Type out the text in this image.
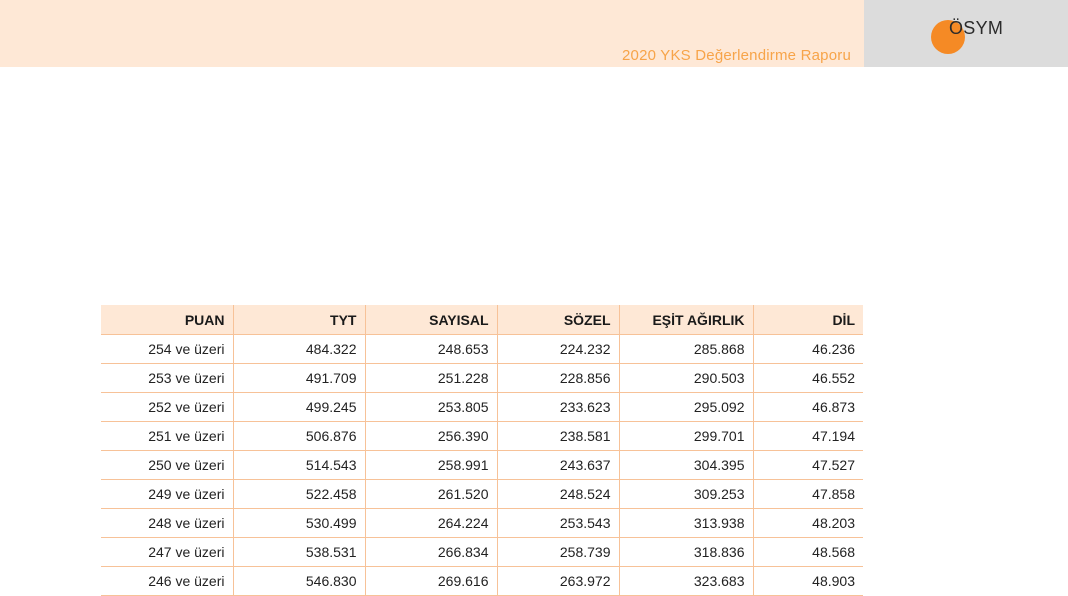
2020 YKS Değerlendirme Raporu
ÖSYM
PUAN	TYT	SAYISAL	SÖZEL	EŞİT AĞIRLIK	DİL
254 ve üzeri	484.322	248.653	224.232	285.868	46.236
253 ve üzeri	491.709	251.228	228.856	290.503	46.552
252 ve üzeri	499.245	253.805	233.623	295.092	46.873
251 ve üzeri	506.876	256.390	238.581	299.701	47.194
250 ve üzeri	514.543	258.991	243.637	304.395	47.527
249 ve üzeri	522.458	261.520	248.524	309.253	47.858
248 ve üzeri	530.499	264.224	253.543	313.938	48.203
247 ve üzeri	538.531	266.834	258.739	318.836	48.568
246 ve üzeri	546.830	269.616	263.972	323.683	48.903
